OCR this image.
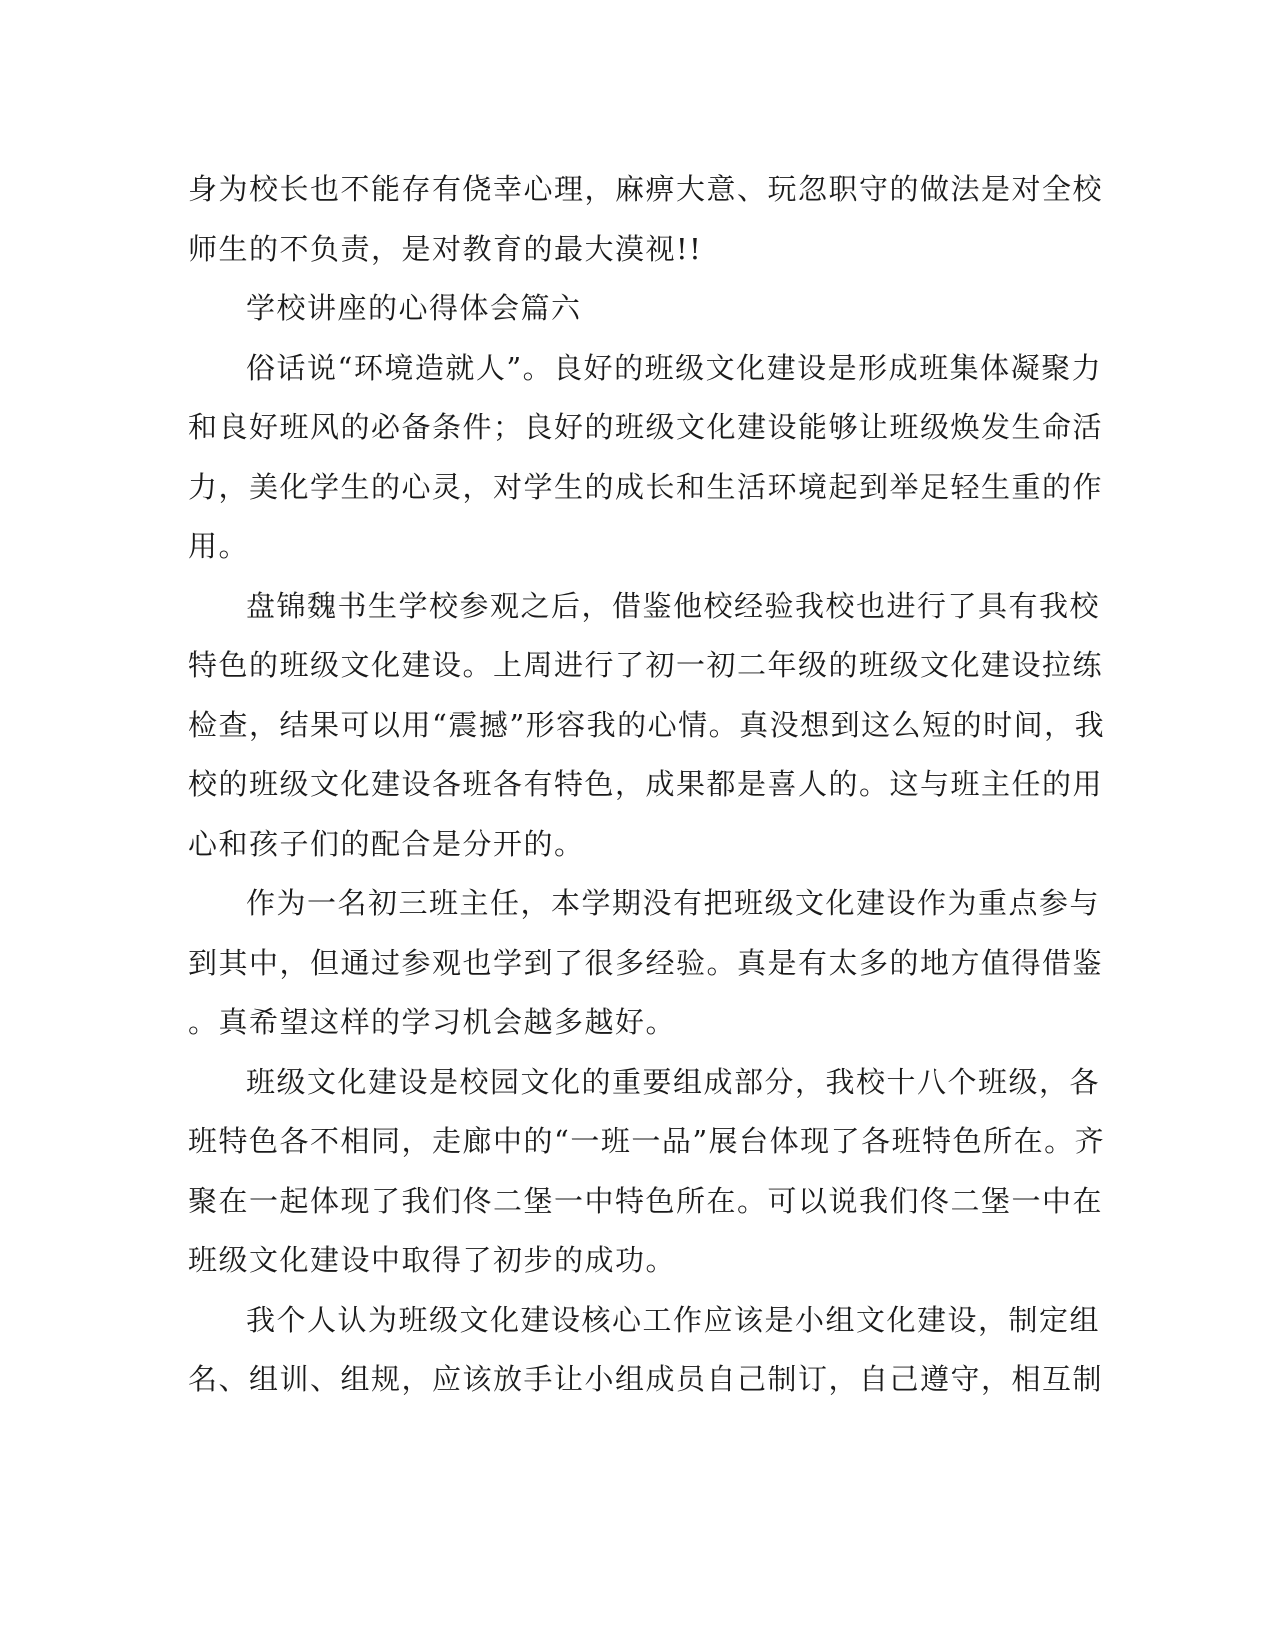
身为校长也不能存有侥幸心理，麻痹大意、玩忽职守的做法是对全校
师生的不负责，是对教育的最大漠视!!

学校讲座的心得体会篇六

俗话说“环境造就人”。良好的班级文化建设是形成班集体凝聚力
和良好班风的必备条件；良好的班级文化建设能够让班级焕发生命活
力，美化学生的心灵，对学生的成长和生活环境起到举足轻生重的作
用。

盘锦魏书生学校参观之后，借鉴他校经验我校也进行了具有我校
特色的班级文化建设。上周进行了初一初二年级的班级文化建设拉练
检查，结果可以用“震撼”形容我的心情。真没想到这么短的时间，我
校的班级文化建设各班各有特色，成果都是喜人的。这与班主任的用
心和孩子们的配合是分开的。

作为一名初三班主任，本学期没有把班级文化建设作为重点参与
到其中，但通过参观也学到了很多经验。真是有太多的地方值得借鉴
。真希望这样的学习机会越多越好。

班级文化建设是校园文化的重要组成部分，我校十八个班级，各
班特色各不相同，走廊中的“一班一品”展台体现了各班特色所在。齐
聚在一起体现了我们佟二堡一中特色所在。可以说我们佟二堡一中在
班级文化建设中取得了初步的成功。

我个人认为班级文化建设核心工作应该是小组文化建设，制定组
名、组训、组规，应该放手让小组成员自己制订，自己遵守，相互制
